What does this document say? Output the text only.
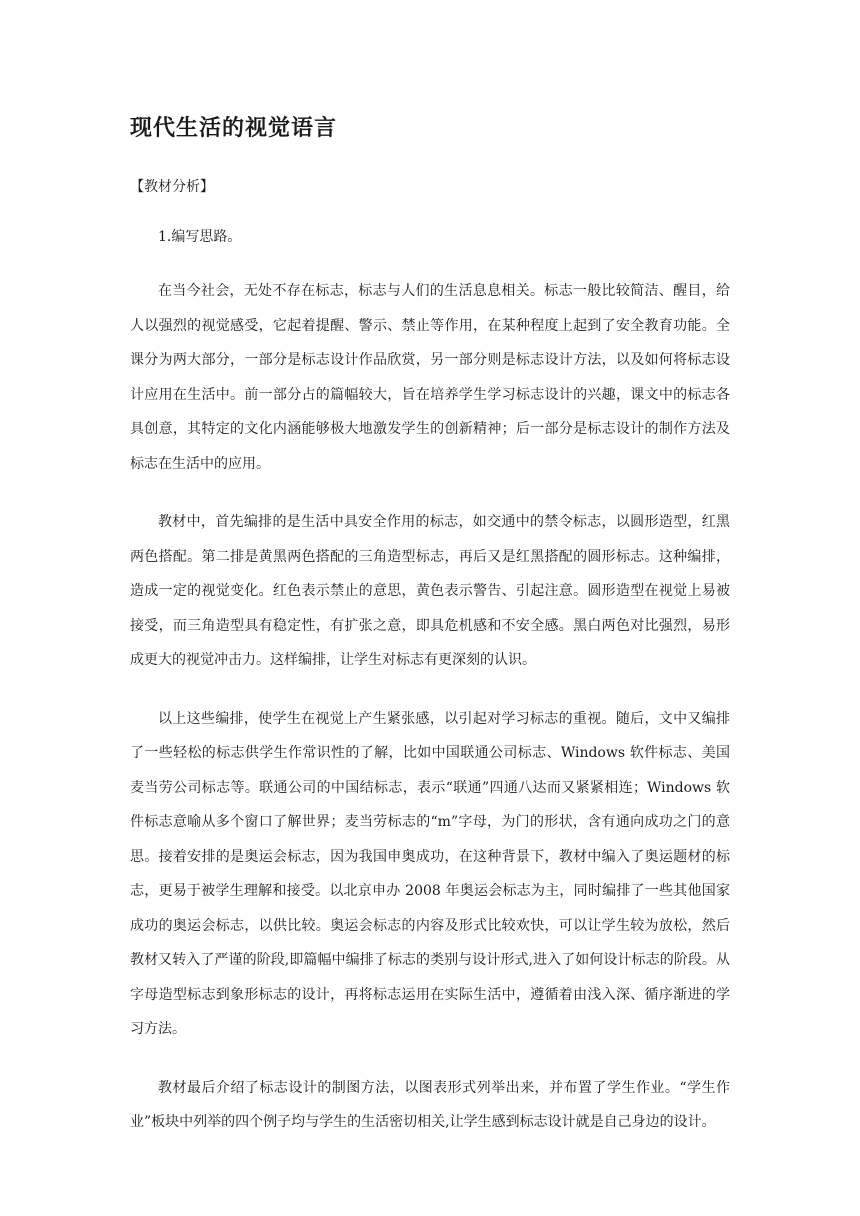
现代生活的视觉语言

【教材分析】

1.编写思路。

在当今社会，无处不存在标志，标志与人们的生活息息相关。标志一般比较简洁、醒目，给人以强烈的视觉感受，它起着提醒、警示、禁止等作用，在某种程度上起到了安全教育功能。全课分为两大部分，一部分是标志设计作品欣赏，另一部分则是标志设计方法，以及如何将标志设计应用在生活中。前一部分占的篇幅较大，旨在培养学生学习标志设计的兴趣，课文中的标志各具创意，其特定的文化内涵能够极大地激发学生的创新精神；后一部分是标志设计的制作方法及标志在生活中的应用。

教材中，首先编排的是生活中具安全作用的标志，如交通中的禁令标志，以圆形造型，红黑两色搭配。第二排是黄黑两色搭配的三角造型标志，再后又是红黑搭配的圆形标志。这种编排，造成一定的视觉变化。红色表示禁止的意思，黄色表示警告、引起注意。圆形造型在视觉上易被接受，而三角造型具有稳定性，有扩张之意，即具危机感和不安全感。黑白两色对比强烈，易形成更大的视觉冲击力。这样编排，让学生对标志有更深刻的认识。

以上这些编排，使学生在视觉上产生紧张感，以引起对学习标志的重视。随后，文中又编排了一些轻松的标志供学生作常识性的了解，比如中国联通公司标志、Windows 软件标志、美国麦当劳公司标志等。联通公司的中国结标志，表示“联通”四通八达而又紧紧相连；Windows 软件标志意喻从多个窗口了解世界；麦当劳标志的“m”字母，为门的形状，含有通向成功之门的意思。接着安排的是奥运会标志，因为我国申奥成功，在这种背景下，教材中编入了奥运题材的标志，更易于被学生理解和接受。以北京申办 2008 年奥运会标志为主，同时编排了一些其他国家成功的奥运会标志，以供比较。奥运会标志的内容及形式比较欢快，可以让学生较为放松，然后教材又转入了严谨的阶段,即篇幅中编排了标志的类别与设计形式,进入了如何设计标志的阶段。从字母造型标志到象形标志的设计，再将标志运用在实际生活中，遵循着由浅入深、循序渐进的学习方法。

教材最后介绍了标志设计的制图方法，以图表形式列举出来，并布置了学生作业。“学生作业”板块中列举的四个例子均与学生的生活密切相关,让学生感到标志设计就是自己身边的设计。
